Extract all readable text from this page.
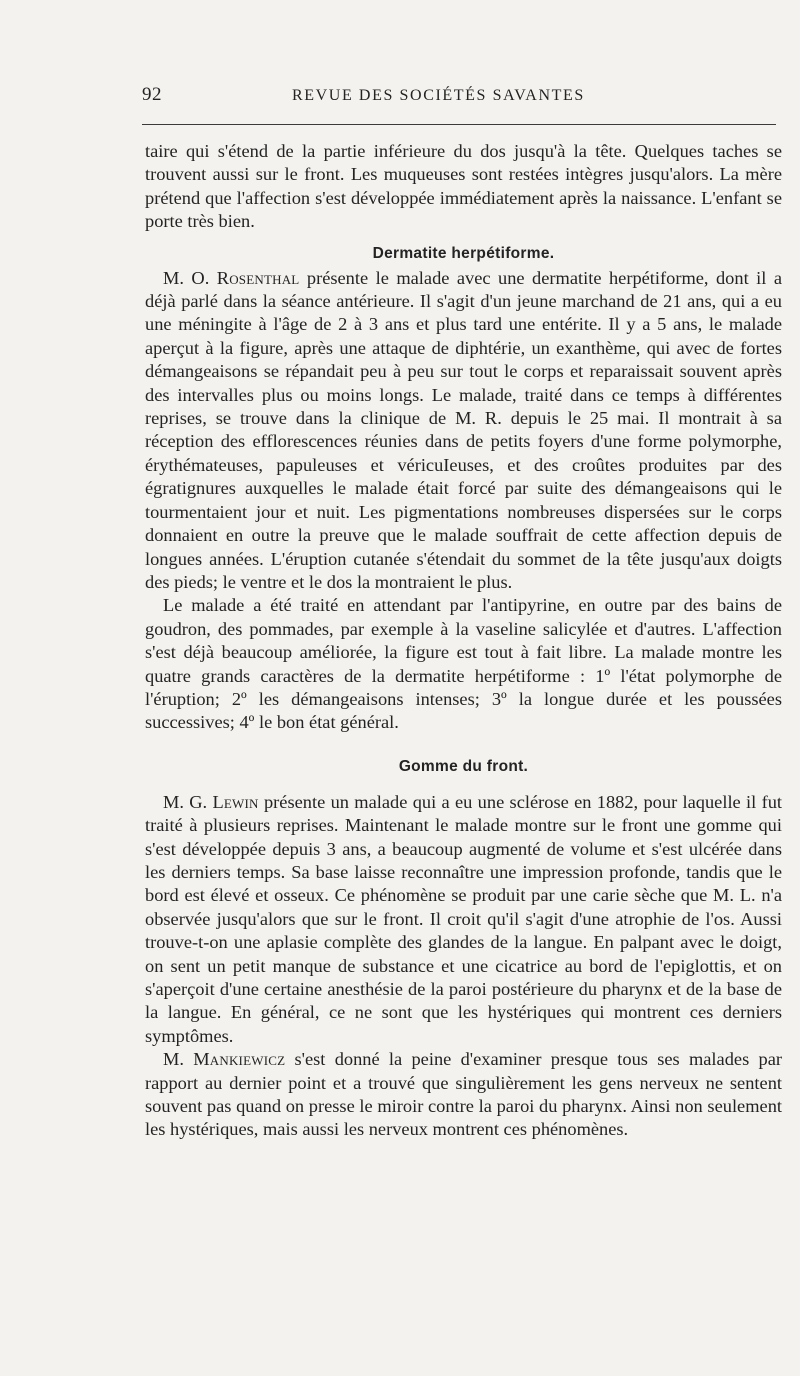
92	REVUE DES SOCIÉTÉS SAVANTES

taire qui s'étend de la partie inférieure du dos jusqu'à la tête. Quelques taches se trouvent aussi sur le front. Les muqueuses sont restées intègres jusqu'alors. La mère prétend que l'affection s'est développée immédiatement après la naissance. L'enfant se porte très bien.

Dermatite herpétiforme.

M. O. Rosenthal présente le malade avec une dermatite herpétiforme, dont il a déjà parlé dans la séance antérieure. Il s'agit d'un jeune marchand de 21 ans, qui a eu une méningite à l'âge de 2 à 3 ans et plus tard une entérite. Il y a 5 ans, le malade aperçut à la figure, après une attaque de diphtérie, un exanthème, qui avec de fortes démangeaisons se répandait peu à peu sur tout le corps et reparaissait souvent après des intervalles plus ou moins longs. Le malade, traité dans ce temps à différentes reprises, se trouve dans la clinique de M. R. depuis le 25 mai. Il montrait à sa réception des efflorescences réunies dans de petits foyers d'une forme polymorphe, érythémateuses, papuleuses et véricuIeuses, et des croûtes produites par des égratignures auxquelles le malade était forcé par suite des démangeaisons qui le tourmentaient jour et nuit. Les pigmentations nombreuses dispersées sur le corps donnaient en outre la preuve que le malade souffrait de cette affection depuis de longues années. L'éruption cutanée s'étendait du sommet de la tête jusqu'aux doigts des pieds; le ventre et le dos la montraient le plus.

Le malade a été traité en attendant par l'antipyrine, en outre par des bains de goudron, des pommades, par exemple à la vaseline salicylée et d'autres. L'affection s'est déjà beaucoup améliorée, la figure est tout à fait libre. La malade montre les quatre grands caractères de la dermatite herpétiforme : 1º l'état polymorphe de l'éruption; 2º les démangeaisons intenses; 3º la longue durée et les poussées successives; 4º le bon état général.

Gomme du front.

M. G. Lewin présente un malade qui a eu une sclérose en 1882, pour laquelle il fut traité à plusieurs reprises. Maintenant le malade montre sur le front une gomme qui s'est développée depuis 3 ans, a beaucoup augmenté de volume et s'est ulcérée dans les derniers temps. Sa base laisse reconnaître une impression profonde, tandis que le bord est élevé et osseux. Ce phénomène se produit par une carie sèche que M. L. n'a observée jusqu'alors que sur le front. Il croit qu'il s'agit d'une atrophie de l'os. Aussi trouve-t-on une aplasie complète des glandes de la langue. En palpant avec le doigt, on sent un petit manque de substance et une cicatrice au bord de l'epiglottis, et on s'aperçoit d'une certaine anesthésie de la paroi postérieure du pharynx et de la base de la langue. En général, ce ne sont que les hystériques qui montrent ces derniers symptômes.

M. Mankiewicz s'est donné la peine d'examiner presque tous ses malades par rapport au dernier point et a trouvé que singulièrement les gens nerveux ne sentent souvent pas quand on presse le miroir contre la paroi du pharynx. Ainsi non seulement les hystériques, mais aussi les nerveux montrent ces phénomènes.
